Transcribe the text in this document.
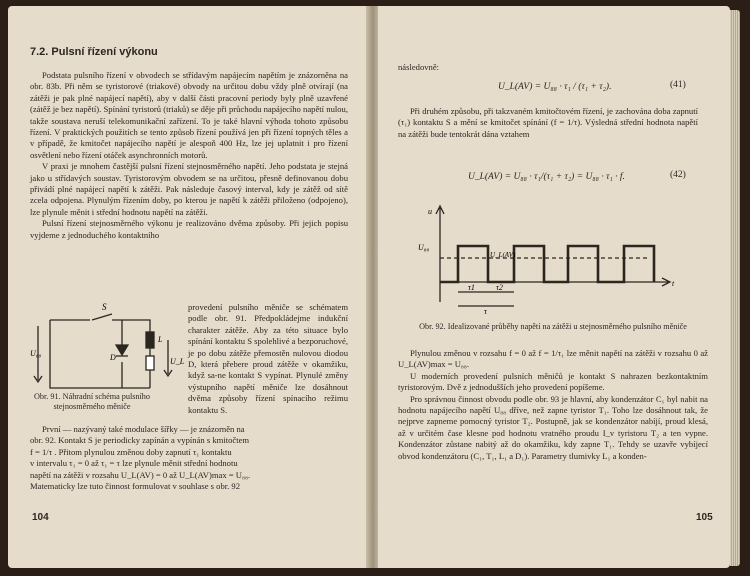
7.2. Pulsní řízení výkonu

Podstata pulsního řízení v obvodech se střídavým napájecím napětím je znázorněna na obr. 83b. Při něm se tyristorové (triakové) obvody na určitou dobu vždy plně otvírají (na zátěži je pak plné napájecí napětí), aby v další části pracovní periody byly plně uzavřené (zátěž je bez napětí). Spínání tyristorů (triaků) se děje při průchodu napájecího napětí nulou, takže soustava neruší telekomunikační zařízení. To je také hlavní výhoda tohoto způsobu řízení. V praktických použitích se tento způsob řízení používá jen při řízení topných těles a v případě, že kmitočet napájecího napětí je alespoň 400 Hz, lze jej uplatnit i pro řízení osvětlení nebo řízení otáček asynchronních motorů.

V praxi je mnohem častější pulsní řízení stejnosměrného napětí. Jeho podstata je stejná jako u střídavých soustav. Tyristorovým obvodem se na určitou, přesně definovanou dobu přivádí plné napájecí napětí k zátěži. Pak následuje časový interval, kdy je zátěž od sítě zcela odpojena. Plynulým řízením doby, po kterou je napětí k zátěži přiloženo (odpojeno), lze plynule měnit i střední hodnotu napětí na zátěži.

Pulsní řízení stejnosměrného výkonu je realizováno dvěma způsoby. Při jejich popisu vyjdeme z jednoduchého kontaktního

S
U₈₈	D
L
U_L
Obr. 91. Náhradní schéma pulsního stejnosměrného měniče
provedení pulsního měniče se schématem podle obr. 91. Předpokládejme indukční charakter zátěže. Aby za této situace bylo spínání kontaktu S spolehlivé a bezporuchové, je po dobu zátěže přemostěn nulovou diodou D, která přebere proud zátěže v okamžiku, když sa-ne kontakt S vypínat. Plynulé změny výstupního napětí měniče lze dosáhnout dvěma způsoby řízení spínacího režimu kontaktu S.

První — nazývaný také modulace šířky — je znázorněn na

obr. 92. Kontakt S je periodicky zapínán a vypínán s kmitočtem

f = 1/τ . Přitom plynulou změnou doby zapnutí τ₁ kontaktu

v intervalu τ₁ = 0 až τ₁ = τ lze plynule měnit střední hodnotu

napětí na zátěži v rozsahu U_L(AV) = 0 až U_L(AV)max = U₈₈.

Matematicky lze tuto činnost formulovat v souhlase s obr. 92

104
následovně:
U_L(AV) = U₈₈ · τ₁ / (τ₁ + τ₂).	(41)

Při druhém způsobu, při takzvaném kmitočtovém řízení, je zachována doba zapnutí (τ₁) kontaktu S a mění se kmitočet spínání (f = 1/τ). Výsledná střední hodnota napětí na zátěži bude tentokrát dána vztahem

U_L(AV) = U₈₈ · τ₁/(τ₁ + τ₂) = U₈₈ · τ₁ · f.	(42)
u
U₈₈
U_L(AV)
t
τ1	τ2
τ
Obr. 92. Idealizované průběhy napětí na zátěži u stejnosměrného pulsního měniče

Plynulou změnou v rozsahu f = 0 až f = 1/τ₁ lze měnit napětí na zátěži v rozsahu 0 až U_L(AV)max = U₈₈.

U moderních provedení pulsních měničů je kontakt S nahrazen bezkontaktním tyristorovým. Dvě z jednodušších jeho provedení popíšeme.

Pro správnou činnost obvodu podle obr. 93 je hlavní, aby kondenzátor C₁ byl nabit na hodnotu napájecího napětí U₈₈ dříve, než zapne tyristor T₁. Toho lze dosáhnout tak, že nejprve zapneme pomocný tyristor T₂. Postupně, jak se kondenzátor nabíjí, proud klesá, až v určitém čase klesne pod hodnotu vratného proudu I_v tyristoru T₂ a ten vypne. Kondenzátor zůstane nabitý až do okamžiku, kdy zapne T₁. Tehdy se uzavře vybíjecí obvod kondenzátoru (C₁, T₁, L₁ a D₁). Parametry tlumivky L₁ a konden-

105
